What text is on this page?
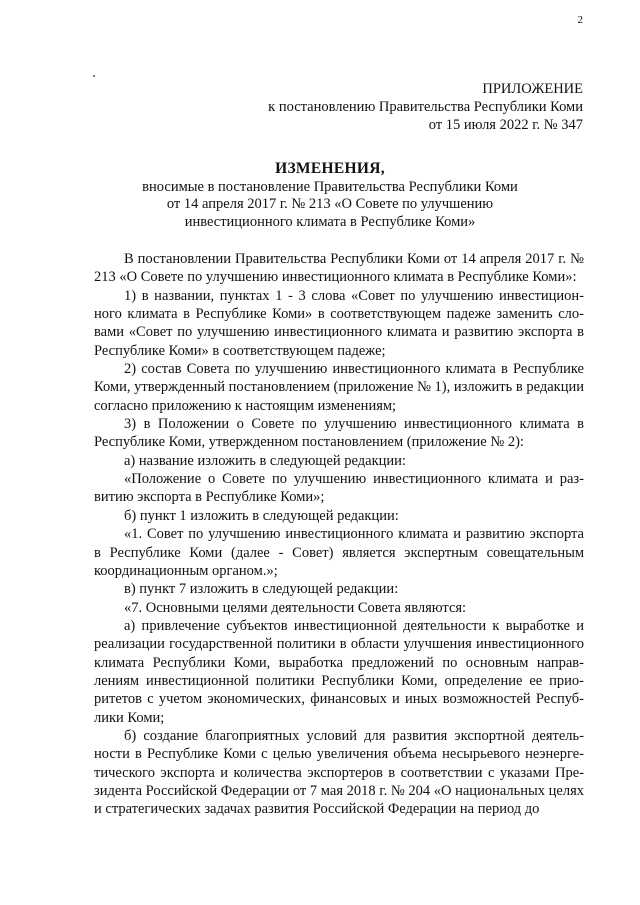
2
ПРИЛОЖЕНИЕ
к постановлению Правительства Республики Коми
от 15 июля 2022 г. № 347
ИЗМЕНЕНИЯ,
вносимые в постановление Правительства Республики Коми
от 14 апреля 2017 г. № 213 «О Совете по улучшению
инвестиционного климата в Республике Коми»

В постановлении Правительства Республики Коми от 14 апреля 2017 г. № 213 «О Совете по улучшению инвестиционного климата в Республике Коми»:

1) в названии, пунктах 1 - 3 слова «Совет по улучшению инвестиционного климата в Республике Коми» в соответствующем падеже заменить словами «Совет по улучшению инвестиционного климата и развитию экспорта в Республике Коми» в соответствующем падеже;

2) состав Совета по улучшению инвестиционного климата в Республике Коми, утвержденный постановлением (приложение № 1), изложить в редакции согласно приложению к настоящим изменениям;

3) в Положении о Совете по улучшению инвестиционного климата в Республике Коми, утвержденном постановлением (приложение № 2):

а) название изложить в следующей редакции:

«Положение о Совете по улучшению инвестиционного климата и развитию экспорта в Республике Коми»;

б) пункт 1 изложить в следующей редакции:

«1. Совет по улучшению инвестиционного климата и развитию экспорта в Республике Коми (далее - Совет) является экспертным совещательным координационным органом.»;

в) пункт 7 изложить в следующей редакции:

«7. Основными целями деятельности Совета являются:

а) привлечение субъектов инвестиционной деятельности к выработке и реализации государственной политики в области улучшения инвестиционного климата Республики Коми, выработка предложений по основным направлениям инвестиционной политики Республики Коми, определение ее приоритетов с учетом экономических, финансовых и иных возможностей Республики Коми;

б) создание благоприятных условий для развития экспортной деятельности в Республике Коми с целью увеличения объема несырьевого неэнергетического экспорта и количества экспортеров в соответствии с указами Президента Российской Федерации от 7 мая 2018 г. № 204 «О национальных целях и стратегических задачах развития Российской Федерации на период до
